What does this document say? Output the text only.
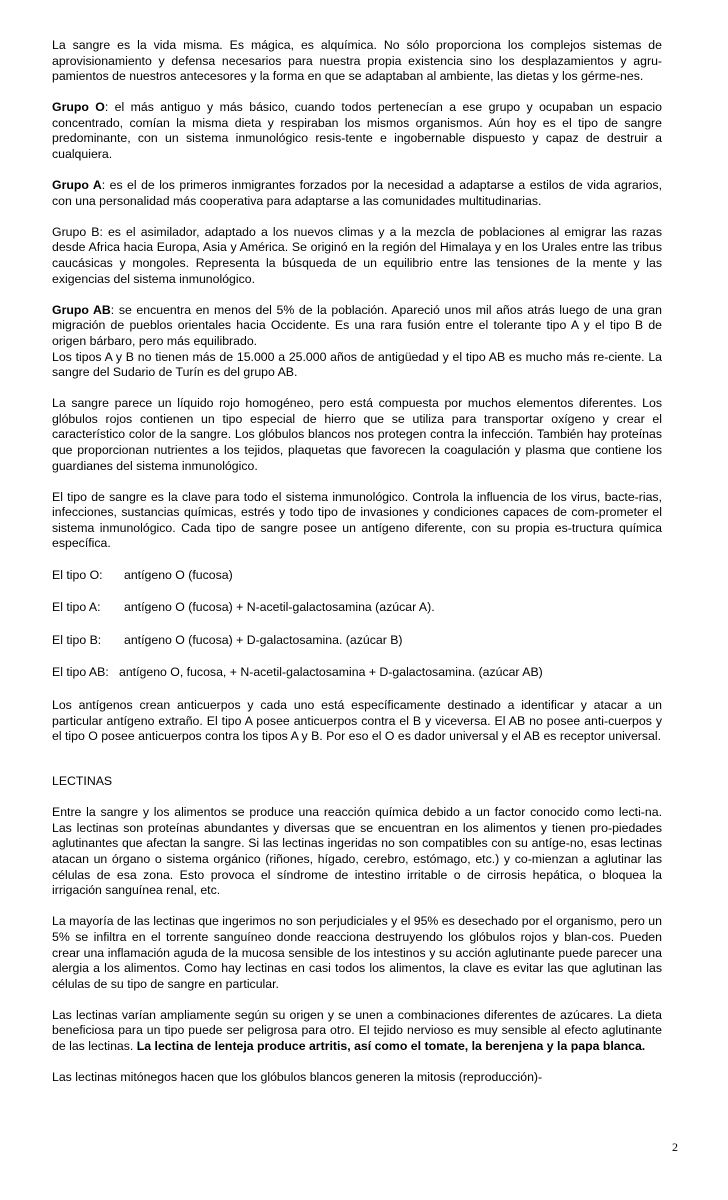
La sangre es la vida misma. Es mágica, es alquímica. No sólo proporciona los complejos sistemas de aprovisionamiento y defensa necesarios para nuestra propia existencia sino los desplazamientos y agru-pamientos de nuestros antecesores y la forma en que se adaptaban al ambiente, las dietas y los gérme-nes.

Grupo O: el más antiguo y más básico, cuando todos pertenecían a ese grupo y ocupaban un espacio concentrado, comían la misma dieta y respiraban los mismos organismos. Aún hoy es el tipo de sangre predominante, con un sistema inmunológico resis-tente e ingobernable dispuesto y capaz de destruir a cualquiera.

Grupo A: es el de los primeros inmigrantes forzados por la necesidad a adaptarse a estilos de vida agrarios, con una personalidad más cooperativa para adaptarse a las comunidades multitudinarias.

Grupo B: es el asimilador, adaptado a los nuevos climas y a la mezcla de poblaciones al emigrar las razas desde Africa hacia Europa, Asia y América. Se originó en la región del Himalaya y en los Urales entre las tribus caucásicas y mongoles. Representa la búsqueda de un equilibrio entre las tensiones de la mente y las exigencias del sistema inmunológico.

Grupo AB: se encuentra en menos del 5% de la población. Apareció unos mil años atrás luego de una gran migración de pueblos orientales hacia Occidente. Es una rara fusión entre el tolerante tipo A y el tipo B de origen bárbaro, pero más equilibrado.
Los tipos A y B no tienen más de 15.000 a 25.000 años de antigüedad y el tipo AB es mucho más re-ciente. La sangre del Sudario de Turín es del grupo AB.

La sangre parece un líquido rojo homogéneo, pero está compuesta por muchos elementos diferentes. Los glóbulos rojos contienen un tipo especial de hierro que se utiliza para transportar oxígeno y crear el característico color de la sangre. Los glóbulos blancos nos protegen contra la infección. También hay proteínas que proporcionan nutrientes a los tejidos, plaquetas que favorecen la coagulación y plasma que contiene los guardianes del sistema inmunológico.

El tipo de sangre es la clave para todo el sistema inmunológico. Controla la influencia de los virus, bacte-rias, infecciones, sustancias químicas, estrés y todo tipo de invasiones y condiciones capaces de com-prometer el sistema inmunológico. Cada tipo de sangre posee un antígeno diferente, con su propia es-tructura química específica.

El tipo O: antígeno O (fucosa)
El tipo A: antígeno O (fucosa) + N-acetil-galactosamina (azúcar A).
El tipo B: antígeno O (fucosa) + D-galactosamina. (azúcar B)
El tipo AB: antígeno O, fucosa, + N-acetil-galactosamina + D-galactosamina. (azúcar AB)

Los antígenos crean anticuerpos y cada uno está específicamente destinado a identificar y atacar a un particular antígeno extraño. El tipo A posee anticuerpos contra el B y viceversa. El AB no posee anti-cuerpos y el tipo O posee anticuerpos contra los tipos A y B. Por eso el O es dador universal y el AB es receptor universal.

LECTINAS

Entre la sangre y los alimentos se produce una reacción química debido a un factor conocido como lecti-na. Las lectinas son proteínas abundantes y diversas que se encuentran en los alimentos y tienen pro-piedades aglutinantes que afectan la sangre. Si las lectinas ingeridas no son compatibles con su antíge-no, esas lectinas atacan un órgano o sistema orgánico (riñones, hígado, cerebro, estómago, etc.) y co-mienzan a aglutinar las células de esa zona. Esto provoca el síndrome de intestino irritable o de cirrosis hepática, o bloquea la irrigación sanguínea renal, etc.

La mayoría de las lectinas que ingerimos no son perjudiciales y el 95% es desechado por el organismo, pero un 5% se infiltra en el torrente sanguíneo donde reacciona destruyendo los glóbulos rojos y blan-cos. Pueden crear una inflamación aguda de la mucosa sensible de los intestinos y su acción aglutinante puede parecer una alergia a los alimentos. Como hay lectinas en casi todos los alimentos, la clave es evitar las que aglutinan las células de su tipo de sangre en particular.

Las lectinas varían ampliamente según su origen y se unen a combinaciones diferentes de azúcares. La dieta beneficiosa para un tipo puede ser peligrosa para otro. El tejido nervioso es muy sensible al efecto aglutinante de las lectinas. La lectina de lenteja produce artritis, así como el tomate, la berenjena y la papa blanca.

Las lectinas mitónegos hacen que los glóbulos blancos generen la mitosis (reproducción)-

2
